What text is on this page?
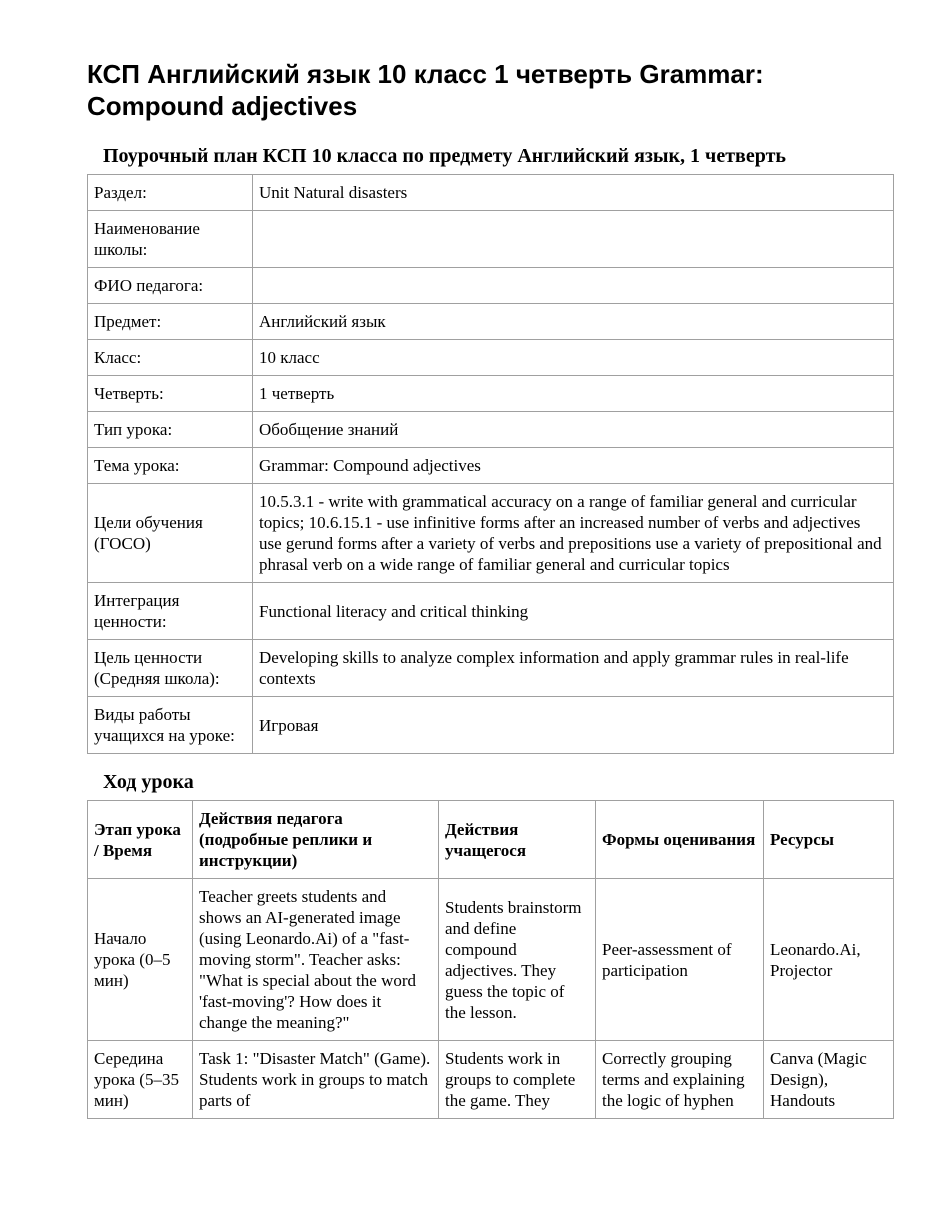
КСП Английский язык 10 класс 1 четверть Grammar: Compound adjectives
Поурочный план КСП 10 класса по предмету Английский язык, 1 четверть
Раздел:	Unit Natural disasters
Наименование школы:	
ФИО педагога:	
Предмет:	Английский язык
Класс:	10 класс
Четверть:	1 четверть
Тип урока:	Обобщение знаний
Тема урока:	Grammar: Compound adjectives
Цели обучения (ГОСО)	10.5.3.1 - write with grammatical accuracy on a range of familiar general and curricular topics; 10.6.15.1 - use infinitive forms after an increased number of verbs and adjectives use gerund forms after a variety of verbs and prepositions use a variety of prepositional and phrasal verb on a wide range of familiar general and curricular topics
Интеграция ценности:	Functional literacy and critical thinking
Цель ценности (Средняя школа):	Developing skills to analyze complex information and apply grammar rules in real-life contexts
Виды работы учащихся на уроке:	Игровая
Ход урока
Этап урока / Время	Действия педагога (подробные реплики и инструкции)	Действия учащегося	Формы оценивания	Ресурсы
Начало урока (0–5 мин)	Teacher greets students and shows an AI-generated image (using Leonardo.Ai) of a "fast-moving storm". Teacher asks: "What is special about the word 'fast-moving'? How does it change the meaning?"	Students brainstorm and define compound adjectives. They guess the topic of the lesson.	Peer-assessment of participation	Leonardo.Ai, Projector
Середина урока (5–35 мин)	Task 1: "Disaster Match" (Game). Students work in groups to match parts of	Students work in groups to complete the game. They	Correctly grouping terms and explaining the logic of hyphen	Canva (Magic Design), Handouts
